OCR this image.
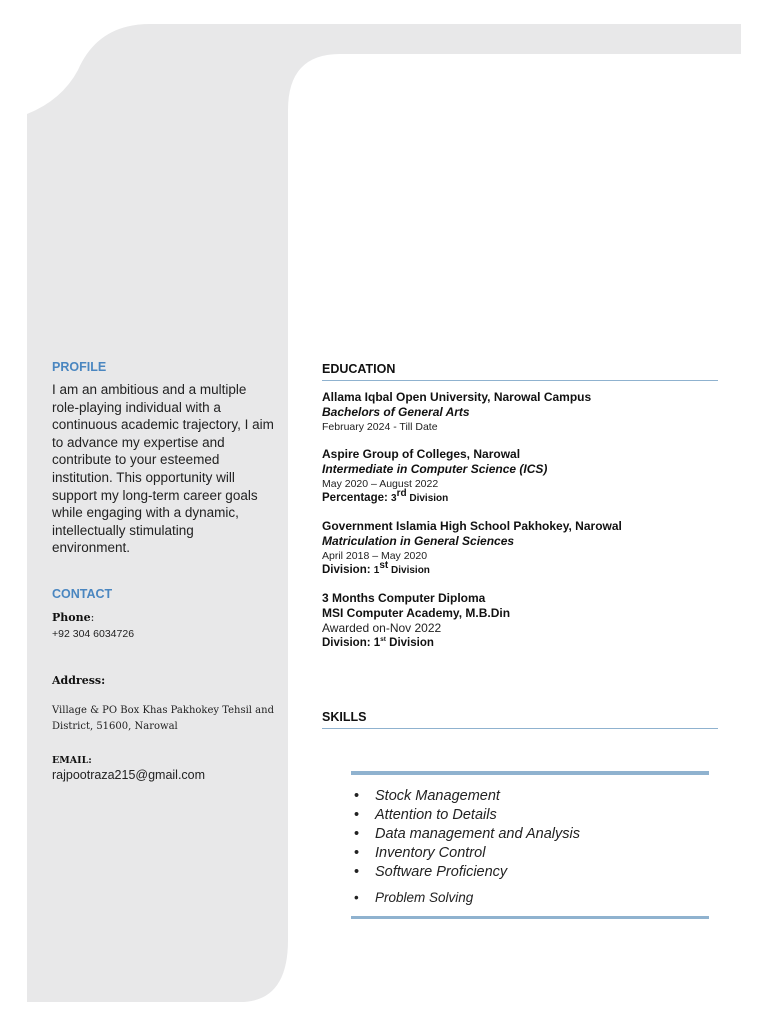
PROFILE
I am an ambitious and a multiple role-playing individual with a continuous academic trajectory, I aim to advance my expertise and contribute to your esteemed institution. This opportunity will support my long-term career goals while engaging with a dynamic, intellectually stimulating environment.
CONTACT
Phone:
+92 304 6034726
Address:
Village & PO Box Khas Pakhokey Tehsil and District, 51600, Narowal
EMAIL:
rajpootraza215@gmail.com
EDUCATION
Allama Iqbal Open University, Narowal Campus
Bachelors of General Arts
February 2024 - Till Date
Aspire Group of Colleges, Narowal
Intermediate in Computer Science (ICS)
May 2020 – August 2022
Percentage: 3rd Division
Government Islamia High School Pakhokey, Narowal
Matriculation in General Sciences
April 2018 – May 2020
Division: 1st Division
3 Months Computer Diploma
MSI Computer Academy, M.B.Din
Awarded on-Nov 2022
Division: 1st Division
SKILLS
• Stock Management
• Attention to Details
• Data management and Analysis
• Inventory Control
• Software Proficiency
• Problem Solving
